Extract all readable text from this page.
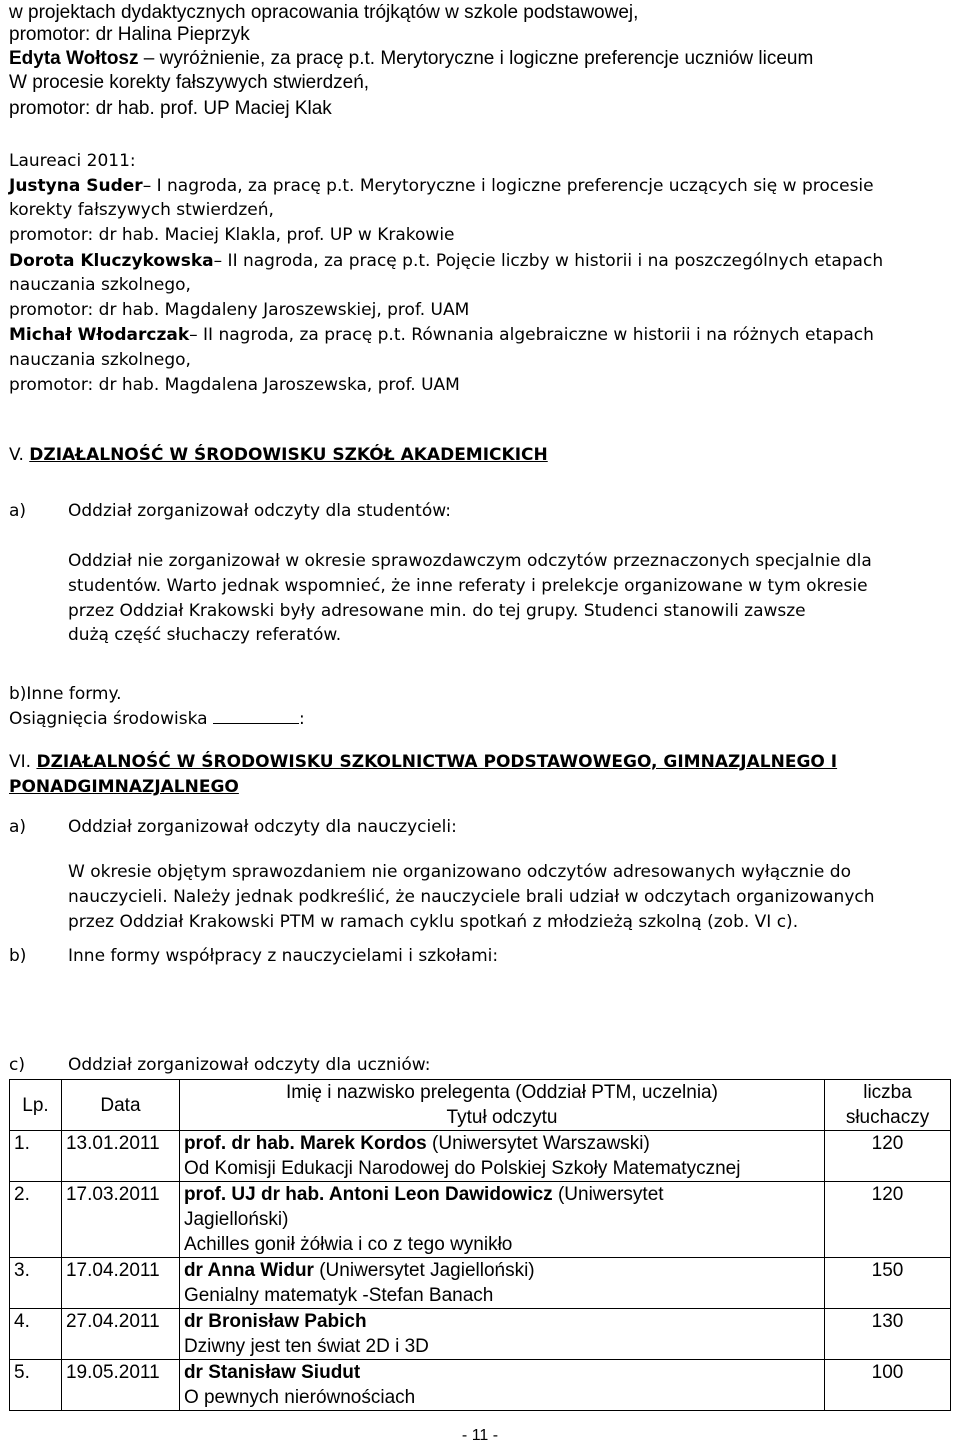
w projektach dydaktycznych opracowania trójkątów w szkole podstawowej,
promotor: dr Halina Pieprzyk
Edyta Wołtosz – wyróżnienie, za pracę p.t. Merytoryczne i logiczne preferencje uczniów liceum
W procesie korekty fałszywych stwierdzeń,
promotor: dr hab. prof. UP Maciej Klak
Laureaci 2011:
Justyna Suder– I nagroda, za pracę p.t. Merytoryczne i logiczne preferencje uczących się w procesie
korekty fałszywych stwierdzeń,
promotor: dr hab. Maciej Klakla, prof. UP w Krakowie
Dorota Kluczykowska– II nagroda, za pracę p.t. Pojęcie liczby w historii i na poszczególnych etapach
nauczania szkolnego,
promotor: dr hab. Magdaleny Jaroszewskiej, prof. UAM
Michał Włodarczak– II nagroda, za pracę p.t. Równania algebraiczne w historii i na różnych etapach
nauczania szkolnego,
promotor: dr hab. Magdalena Jaroszewska, prof. UAM
V. DZIAŁALNOŚĆ W ŚRODOWISKU SZKÓŁ AKADEMICKICH
a) Oddział zorganizował odczyty dla studentów:
Oddział nie zorganizował w okresie sprawozdawczym odczytów przeznaczonych specjalnie dla
studentów. Warto jednak wspomnieć, że inne referaty i prelekcje organizowane w tym okresie
przez Oddział Krakowski były adresowane min. do tej grupy. Studenci stanowili zawsze
dużą część słuchaczy referatów.
b)Inne formy.
Osiągnięcia środowiska	:
VI. DZIAŁALNOŚĆ W ŚRODOWISKU SZKOLNICTWA PODSTAWOWEGO, GIMNAZJALNEGO I
PONADGIMNAZJALNEGO
a) Oddział zorganizował odczyty dla nauczycieli:
W okresie objętym sprawozdaniem nie organizowano odczytów adresowanych wyłącznie do
nauczycieli. Należy jednak podkreślić, że nauczyciele brali udział w odczytach organizowanych
przez Oddział Krakowski PTM w ramach cyklu spotkań z młodzieżą szkolną (zob. VI c).
b) Inne formy współpracy z nauczycielami i szkołami:
c)	Oddział zorganizował odczyty dla uczniów:
Lp.	Data	Imię i nazwisko prelegenta (Oddział PTM, uczelnia)
Tytuł odczytu	liczba
słuchaczy
1.	13.01.2011	prof. dr hab. Marek Kordos (Uniwersytet Warszawski)
Od Komisji Edukacji Narodowej do Polskiej Szkoły Matematycznej	120
2.	17.03.2011	prof. UJ dr hab. Antoni Leon Dawidowicz (Uniwersytet
Jagielloński)
Achilles gonił żółwia i co z tego wynikło	120
3.	17.04.2011	dr Anna Widur (Uniwersytet Jagielloński)
Genialny matematyk -Stefan Banach	150
4.	27.04.2011	dr Bronisław Pabich
Dziwny jest ten świat 2D i 3D	130
5.	19.05.2011	dr Stanisław Siudut
O pewnych nierównościach	100
- 11 -
